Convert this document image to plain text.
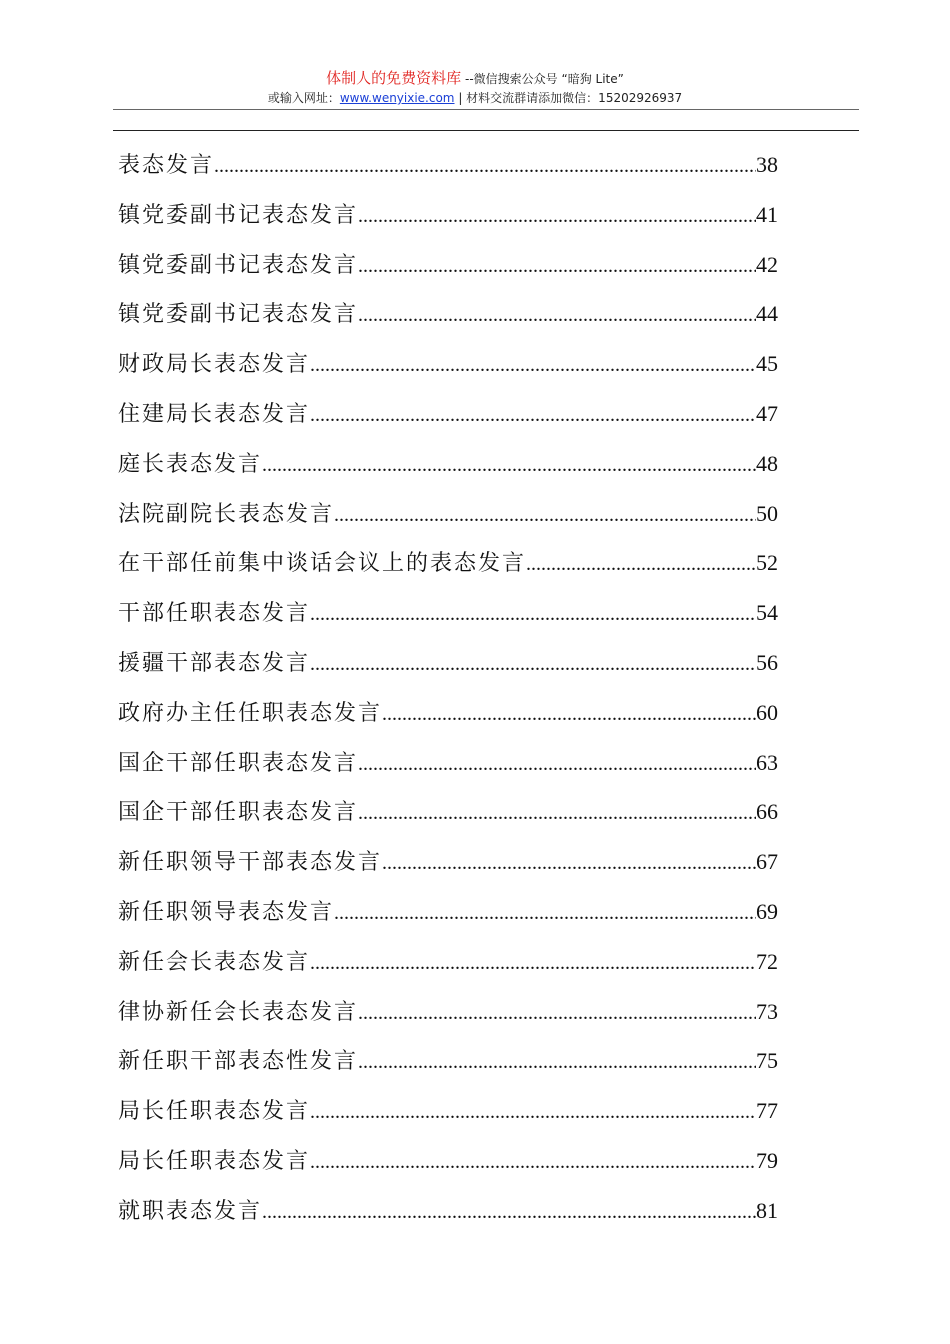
体制人的免费资料库 --微信搜索公众号 “暗狗 Lite”
或输入网址：www.wenyixie.com | 材料交流群请添加微信：15202926937
表态发言 .....	38
镇党委副书记表态发言 .....	41
镇党委副书记表态发言 .....	42
镇党委副书记表态发言 .....	44
财政局长表态发言 .....	45
住建局长表态发言 .....	47
庭长表态发言 .....	48
法院副院长表态发言 .....	50
在干部任前集中谈话会议上的表态发言 .....	52
干部任职表态发言 .....	54
援疆干部表态发言 .....	56
政府办主任任职表态发言 .....	60
国企干部任职表态发言 .....	63
国企干部任职表态发言 .....	66
新任职领导干部表态发言 .....	67
新任职领导表态发言 .....	69
新任会长表态发言 .....	72
律协新任会长表态发言 .....	73
新任职干部表态性发言 .....	75
局长任职表态发言 .....	77
局长任职表态发言 .....	79
就职表态发言 .....	81
